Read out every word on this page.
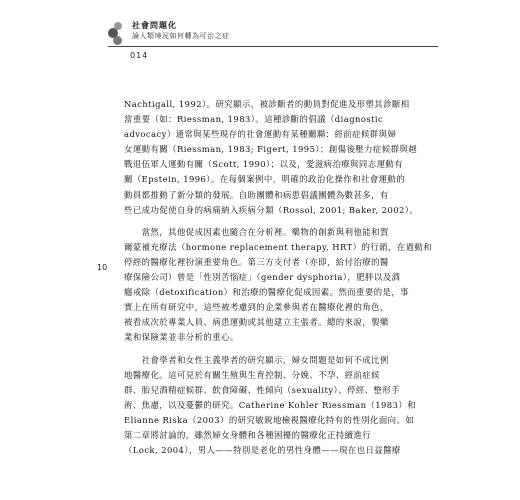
社會問題化
論人類境況如何轉為可治之症
014
10
Nachtigall, 1992）。研究顯示，被診斷者的動員對促進及形塑其診斷相
當重要（如：Riessman, 1983）。這種診斷的倡議（diagnostic
advocacy）通常與某些現存的社會運動有某種關聯：經前症候群與婦
女運動有關（Riessman, 1983; Figert, 1995）；創傷後壓力症候群與越
戰退伍軍人運動有關（Scott, 1990）；以及，愛滋病治療與同志運動有
關（Epstein, 1996）。在每個案例中，明確的政治化操作和社會運動的
動員都推動了新分類的發展。自助團體和病患倡議團體為數甚多，有
些已成功促使自身的病痛納入疾病分類（Rossol, 2001; Baker, 2002）。
　　當然，其他促成因素也隨合在分析裡。藥物的創新與利他能和賀
爾蒙補充療法（hormone replacement therapy, HRT）的行銷，在過動和
停經的醫療化裡扮演重要角色。第三方支付者（亦即，給付治療的醫
療保險公司）曾是「性別苦惱症」（gender dysphoria），肥胖以及酒
癮戒除（detoxification）和治療的醫療化促成因素。然而重要的是，事
實上在所有研究中，這些被考慮到的企業參與者在醫療化裡的角色，
被看成次於專業人員、病患運動或其他建立主張者。總的來說，製藥
業和保險業並非分析的重心。
　　社會學者和女性主義學者的研究顯示，婦女問題是如何不成比例
地醫療化。這可見於有關生殖與生育控制、分娩、不孕、經前症候
群、胎兒酒精症候群、飲食障礙、性傾向（sexuality）、停經、整形手
術、焦慮，以及憂鬱的研究。Catherine Kohler Riessman（1983）和
Elianne Riska（2003）的研究敏銳地檢視醫療化特有的性別化面向。如
第二章將討論的，雖然婦女身體和各種困擾的醫療化正持續進行
（Lock, 2004），男人——特別是老化的男性身體——現在也日益醫療
